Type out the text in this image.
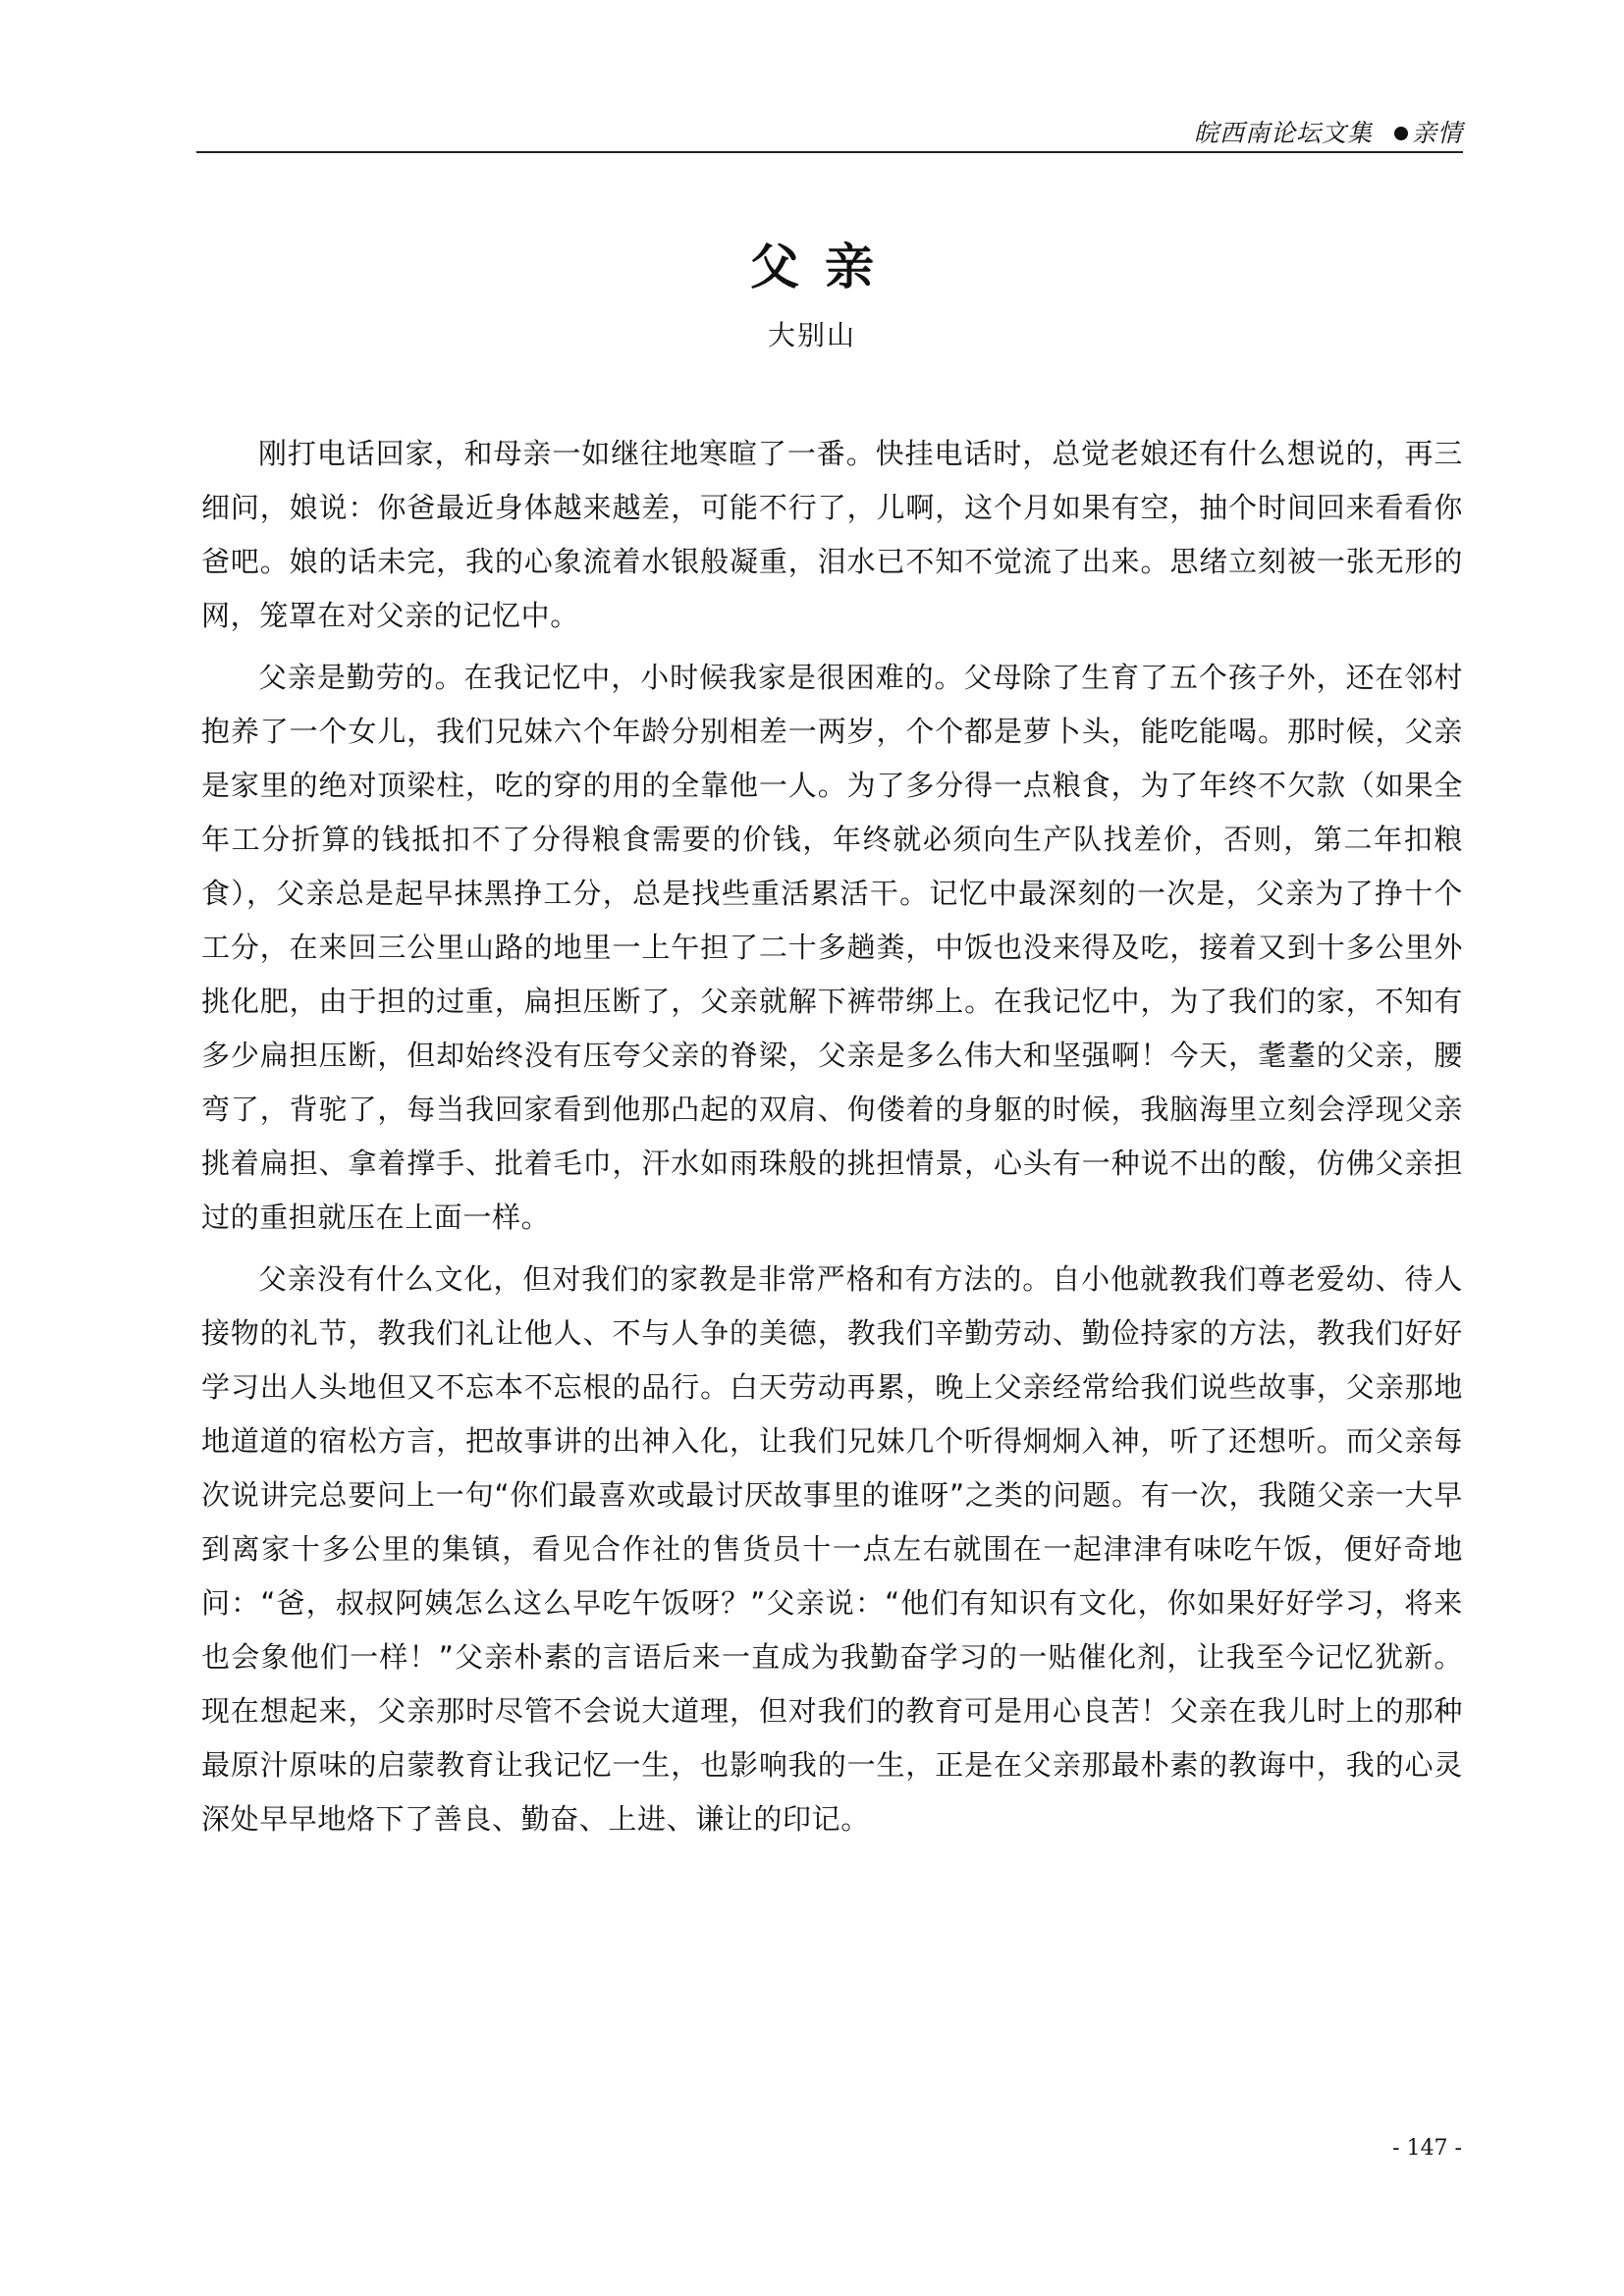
皖西南论坛文集 亲情
父亲
大别山

刚打电话回家，和母亲一如继往地寒暄了一番。快挂电话时，总觉老娘还有什么想说的，再三细问，娘说：你爸最近身体越来越差，可能不行了，儿啊，这个月如果有空，抽个时间回来看看你爸吧。娘的话未完，我的心象流着水银般凝重，泪水已不知不觉流了出来。思绪立刻被一张无形的网，笼罩在对父亲的记忆中。

父亲是勤劳的。在我记忆中，小时候我家是很困难的。父母除了生育了五个孩子外，还在邻村抱养了一个女儿，我们兄妹六个年龄分别相差一两岁，个个都是萝卜头，能吃能喝。那时候，父亲是家里的绝对顶梁柱，吃的穿的用的全靠他一人。为了多分得一点粮食，为了年终不欠款（如果全年工分折算的钱抵扣不了分得粮食需要的价钱，年终就必须向生产队找差价，否则，第二年扣粮食），父亲总是起早抹黑挣工分，总是找些重活累活干。记忆中最深刻的一次是，父亲为了挣十个工分，在来回三公里山路的地里一上午担了二十多趟粪，中饭也没来得及吃，接着又到十多公里外挑化肥，由于担的过重，扁担压断了，父亲就解下裤带绑上。在我记忆中，为了我们的家，不知有多少扁担压断，但却始终没有压夸父亲的脊梁，父亲是多么伟大和坚强啊！今天，耄耋的父亲，腰弯了，背驼了，每当我回家看到他那凸起的双肩、佝偻着的身躯的时候，我脑海里立刻会浮现父亲挑着扁担、拿着撑手、批着毛巾，汗水如雨珠般的挑担情景，心头有一种说不出的酸，仿佛父亲担过的重担就压在上面一样。

父亲没有什么文化，但对我们的家教是非常严格和有方法的。自小他就教我们尊老爱幼、待人接物的礼节，教我们礼让他人、不与人争的美德，教我们辛勤劳动、勤俭持家的方法，教我们好好学习出人头地但又不忘本不忘根的品行。白天劳动再累，晚上父亲经常给我们说些故事，父亲那地地道道的宿松方言，把故事讲的出神入化，让我们兄妹几个听得炯炯入神，听了还想听。而父亲每次说讲完总要问上一句“你们最喜欢或最讨厌故事里的谁呀”之类的问题。有一次，我随父亲一大早到离家十多公里的集镇，看见合作社的售货员十一点左右就围在一起津津有味吃午饭，便好奇地问：“爸，叔叔阿姨怎么这么早吃午饭呀？”父亲说：“他们有知识有文化，你如果好好学习，将来也会象他们一样！”父亲朴素的言语后来一直成为我勤奋学习的一贴催化剂，让我至今记忆犹新。现在想起来，父亲那时尽管不会说大道理，但对我们的教育可是用心良苦！父亲在我儿时上的那种最原汁原味的启蒙教育让我记忆一生，也影响我的一生，正是在父亲那最朴素的教诲中，我的心灵深处早早地烙下了善良、勤奋、上进、谦让的印记。

- 147 -
